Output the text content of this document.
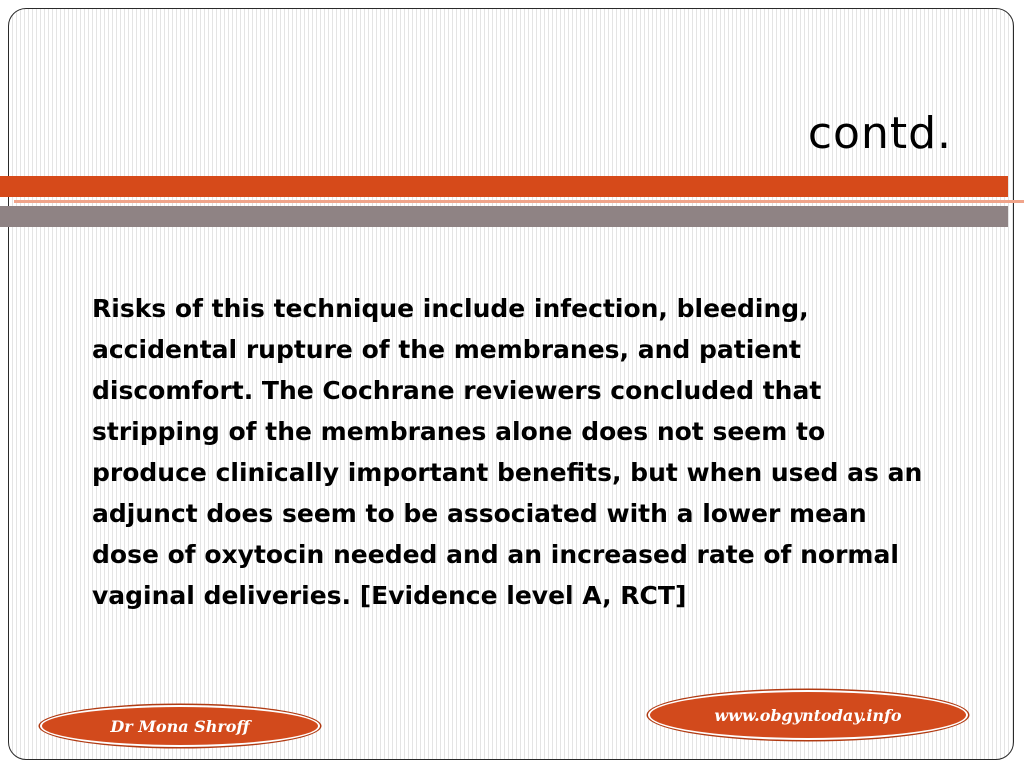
contd.

Risks of this technique include infection, bleeding, accidental rupture of the membranes, and patient discomfort. The Cochrane reviewers concluded that stripping of the membranes alone does not seem to produce clinically important benefits, but when used as an adjunct does seem to be associated with a lower mean dose of oxytocin needed and an increased rate of normal vaginal deliveries. [Evidence level A, RCT]

Dr Mona Shroff
www.obgyntoday.info
